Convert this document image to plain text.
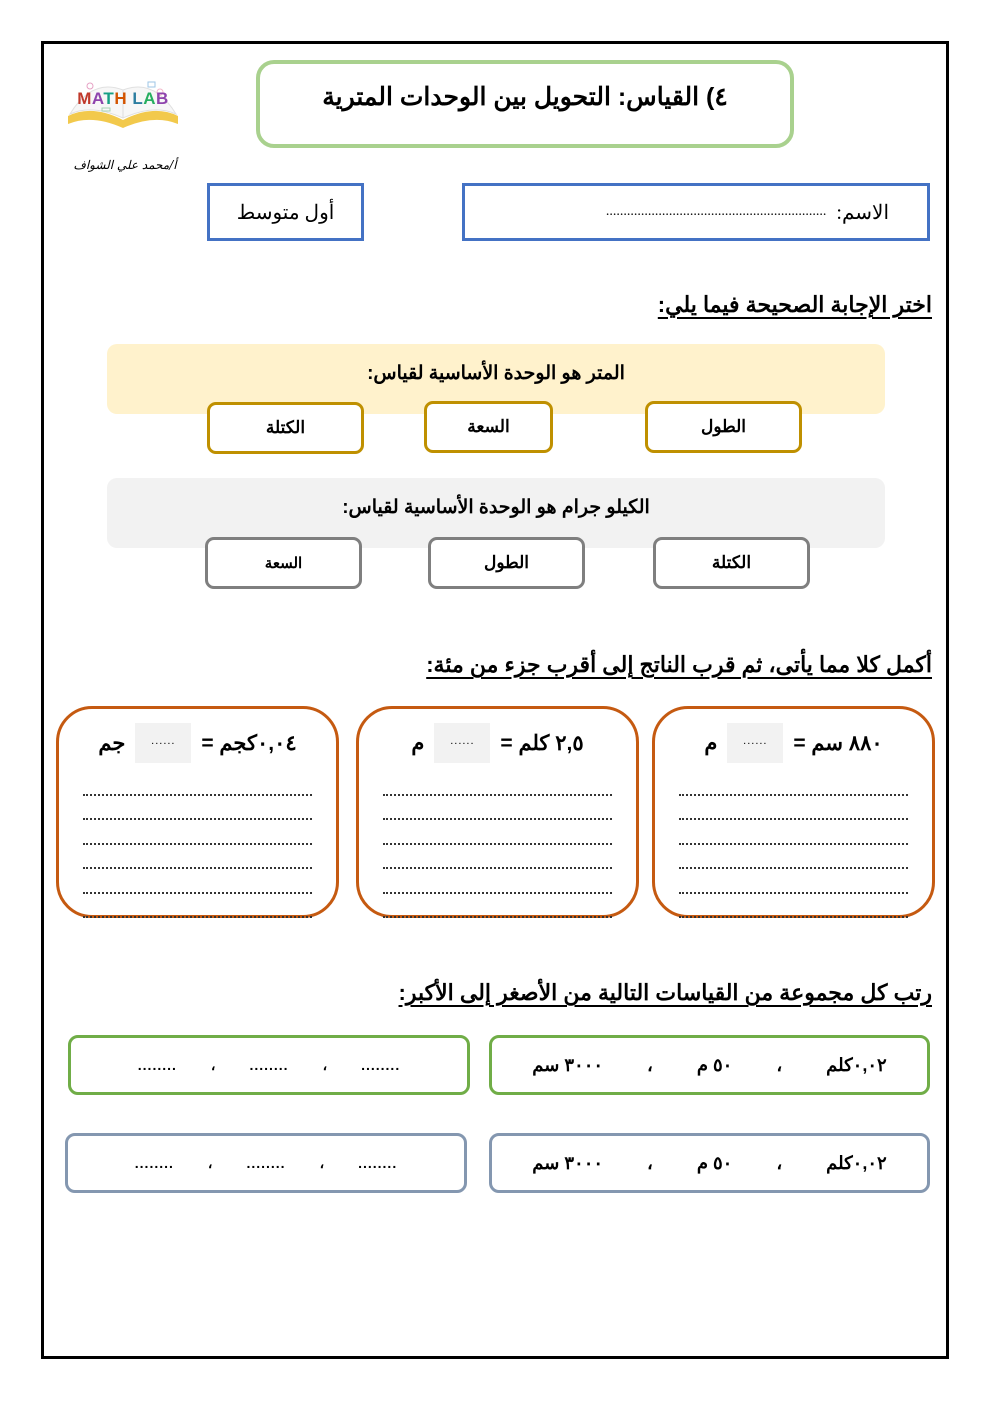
MATH LAB
أ/محمد علي الشواف
٤) القياس: التحويل بين الوحدات المترية
الاسم:
...............................................................
أول متوسط
اختر الإجابة الصحيحة فيما يلي:
المتر هو الوحدة الأساسية لقياس:
الطول
السعة
الكتلة
الكيلو جرام هو الوحدة الأساسية لقياس:
الكتلة
الطول
السعة
أكمل كلا مما يأتى، ثم قرب الناتج إلى أقرب جزء من مئة:
٨٨٠ سم =
......
م
٢,٥ كلم =
......
م
٠,٠٤كجم =
......
جم
رتب كل مجموعة من القياسات التالية من الأصغر إلى الأكبر:
٠,٠٢كلم
،
٥٠ م
،
٣٠٠٠ سم
........
،
........
،
........
٠,٠٢كلم
،
٥٠ م
،
٣٠٠٠ سم
........
،
........
،
........
